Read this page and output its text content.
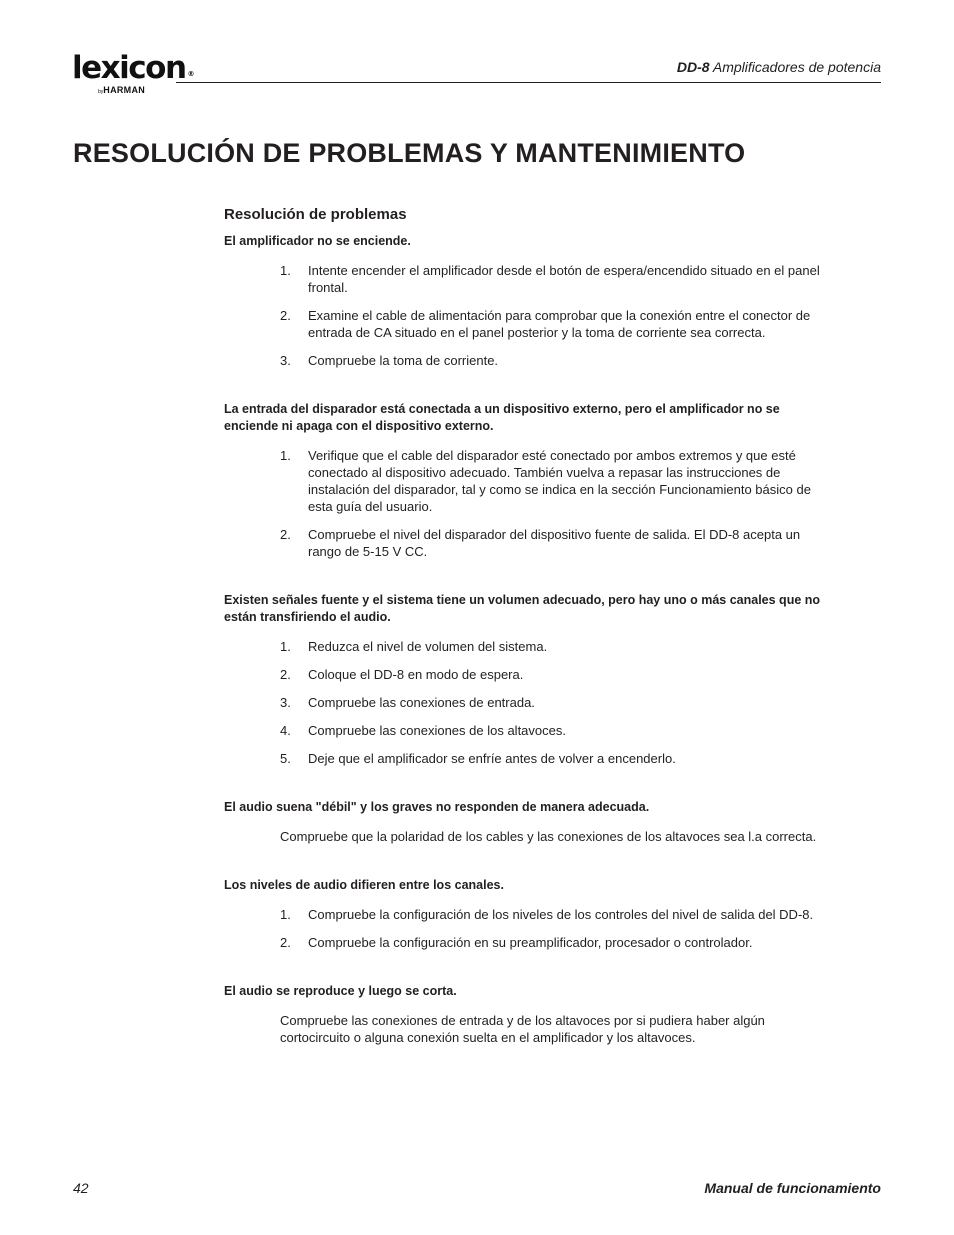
lexicon ®
byHARMAN
DD-8 Amplificadores de potencia
RESOLUCIÓN DE PROBLEMAS Y MANTENIMIENTO
Resolución de problemas
El amplificador no se enciende.
1. Intente encender el amplificador desde el botón de espera/encendido situado en el panel frontal.
2. Examine el cable de alimentación para comprobar que la conexión entre el conector de entrada de CA situado en el panel posterior y la toma de corriente sea correcta.
3. Compruebe la toma de corriente.
La entrada del disparador está conectada a un dispositivo externo, pero el amplificador no se enciende ni apaga con el dispositivo externo.
1. Verifique que el cable del disparador esté conectado por ambos extremos y que esté conectado al dispositivo adecuado. También vuelva a repasar las instrucciones de instalación del disparador, tal y como se indica en la sección Funcionamiento básico de esta guía del usuario.
2. Compruebe el nivel del disparador del dispositivo fuente de salida. El DD-8 acepta un rango de 5-15 V CC.
Existen señales fuente y el sistema tiene un volumen adecuado, pero hay uno o más canales que no están transfiriendo el audio.
1. Reduzca el nivel de volumen del sistema.
2. Coloque el DD-8 en modo de espera.
3. Compruebe las conexiones de entrada.
4. Compruebe las conexiones de los altavoces.
5. Deje que el amplificador se enfríe antes de volver a encenderlo.
El audio suena "débil" y los graves no responden de manera adecuada.

Compruebe que la polaridad de los cables y las conexiones de los altavoces sea l.a correcta.

Los niveles de audio difieren entre los canales.
1. Compruebe la configuración de los niveles de los controles del nivel de salida del DD-8.
2. Compruebe la configuración en su preamplificador, procesador o controlador.
El audio se reproduce y luego se corta.

Compruebe las conexiones de entrada y de los altavoces por si pudiera haber algún cortocircuito o alguna conexión suelta en el amplificador y los altavoces.

42	Manual de funcionamiento
